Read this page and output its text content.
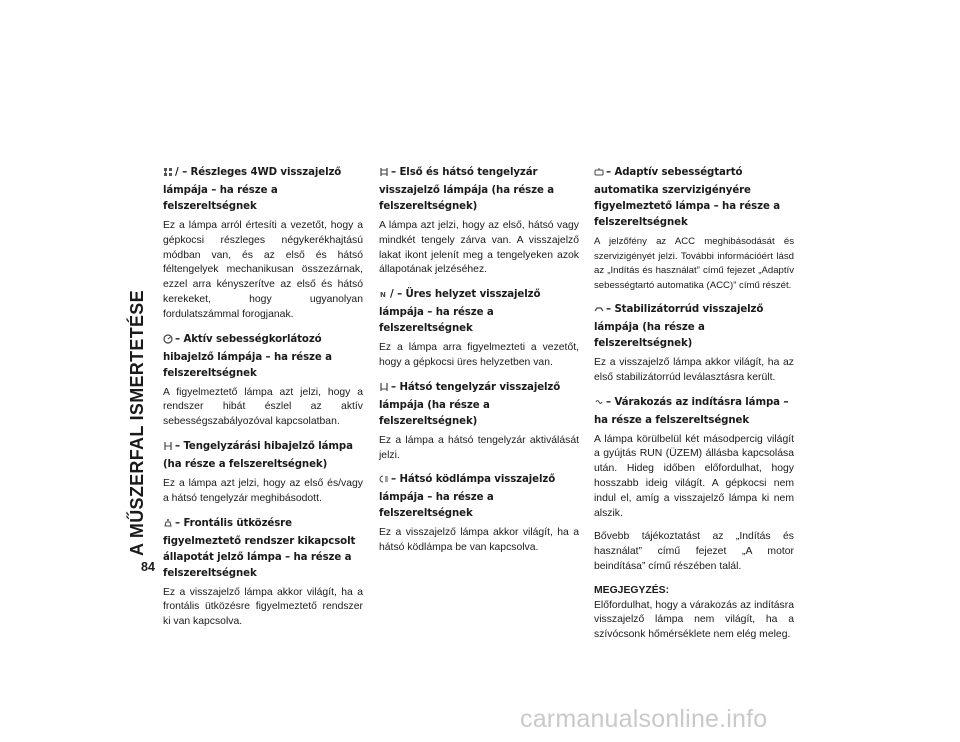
A MŰSZERFAL ISMERTETÉSE
84
/ – Részleges 4WD visszajelző lámpája – ha része a felszereltségnek

Ez a lámpa arról értesíti a vezetőt, hogy a gépkocsi részleges négykerékhajtású módban van, és az első és hátsó féltengelyek mechanikusan összezárnak, ezzel arra kényszerítve az első és hátsó kerekeket, hogy ugyanolyan fordulatszámmal forogjanak.

– Aktív sebességkorlátozó hibajelző lámpája – ha része a felszereltségnek

A figyelmeztető lámpa azt jelzi, hogy a rendszer hibát észlel az aktív sebességszabályozóval kapcsolatban.

– Tengelyzárási hibajelző lámpa (ha része a felszereltségnek)

Ez a lámpa azt jelzi, hogy az első és/vagy a hátsó tengelyzár meghibásodott.

– Frontális ütközésre figyelmeztető rendszer kikapcsolt állapotát jelző lámpa – ha része a felszereltségnek

Ez a visszajelző lámpa akkor világít, ha a frontális ütközésre figyelmeztető rendszer ki van kapcsolva.

– Első és hátsó tengelyzár visszajelző lámpája (ha része a felszereltségnek)

A lámpa azt jelzi, hogy az első, hátsó vagy mindkét tengely zárva van. A visszajelző lakat ikont jelenít meg a tengelyeken azok állapotának jelzéséhez.

N / – Üres helyzet visszajelző lámpája – ha része a felszereltségnek

Ez a lámpa arra figyelmezteti a vezetőt, hogy a gépkocsi üres helyzetben van.

– Hátsó tengelyzár visszajelző lámpája (ha része a felszereltségnek)

Ez a lámpa a hátsó tengelyzár aktiválását jelzi.

– Hátsó ködlámpa visszajelző lámpája – ha része a felszereltségnek

Ez a visszajelző lámpa akkor világít, ha a hátsó ködlámpa be van kapcsolva.

– Adaptív sebességtartó automatika szervizigényére figyelmeztető lámpa – ha része a felszereltségnek

A jelzőfény az ACC meghibásodását és szervizigényét jelzi. További információért lásd az „Indítás és használat” című fejezet „Adaptív sebességtartó automatika (ACC)” című részét.

– Stabilizátorrúd visszajelző lámpája (ha része a felszereltségnek)

Ez a visszajelző lámpa akkor világít, ha az első stabilizátorrúd leválasztásra került.

– Várakozás az indításra lámpa – ha része a felszereltségnek

A lámpa körülbelül két másodpercig világít a gyújtás RUN (ÜZEM) állásba kapcsolása után. Hideg időben előfordulhat, hogy hosszabb ideig világít. A gépkocsi nem indul el, amíg a visszajelző lámpa ki nem alszik.

Bővebb tájékoztatást az „Indítás és használat” című fejezet „A motor beindítása” című részében talál.

MEGJEGYZÉS:

Előfordulhat, hogy a várakozás az indításra visszajelző lámpa nem világít, ha a szívócsonk hőmérséklete nem elég meleg.

carmanualsonline.info
